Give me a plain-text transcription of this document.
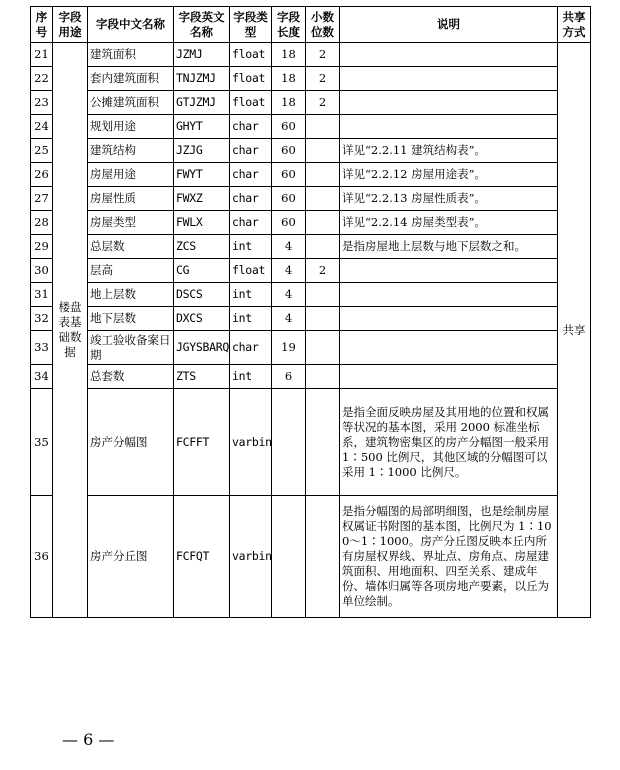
序号	字段用途	字段中文名称	字段英文名称	字段类型	字段长度	小数位数	说明	共享方式
21	楼盘表基础数据	建筑面积	JZMJ	float	18	2		共享
22		套内建筑面积	TNJZMJ	float	18	2		
23		公摊建筑面积	GTJZMJ	float	18	2		
24		规划用途	GHYT	char	60			
25		建筑结构	JZJG	char	60		详见“2.2.11 建筑结构表”。	
26		房屋用途	FWYT	char	60		详见“2.2.12 房屋用途表”。	
27		房屋性质	FWXZ	char	60		详见“2.2.13 房屋性质表”。	
28		房屋类型	FWLX	char	60		详见“2.2.14 房屋类型表”。	
29		总层数	ZCS	int	4		是指房屋地上层数与地下层数之和。	
30		层高	CG	float	4	2		
31		地上层数	DSCS	int	4			
32		地下层数	DXCS	int	4			
33		竣工验收备案日期	JGYSBARQ	char	19			
34		总套数	ZTS	int	6			
35		房产分幅图	FCFFT	varbin			是指全面反映房屋及其用地的位置和权属等状况的基本图，采用 2000 标准坐标系，建筑物密集区的房产分幅图一般采用 1∶500 比例尺，其他区域的分幅图可以采用 1∶1000 比例尺。	
36		房产分丘图	FCFQT	varbin			是指分幅图的局部明细图，也是绘制房屋权属证书附图的基本图，比例尺为 1∶100～1∶1000。房产分丘图反映本丘内所有房屋权界线、界址点、房角点、房屋建筑面积、用地面积、四至关系、建成年份、墙体归属等各项房地产要素，以丘为单位绘制。	
— 6 —
